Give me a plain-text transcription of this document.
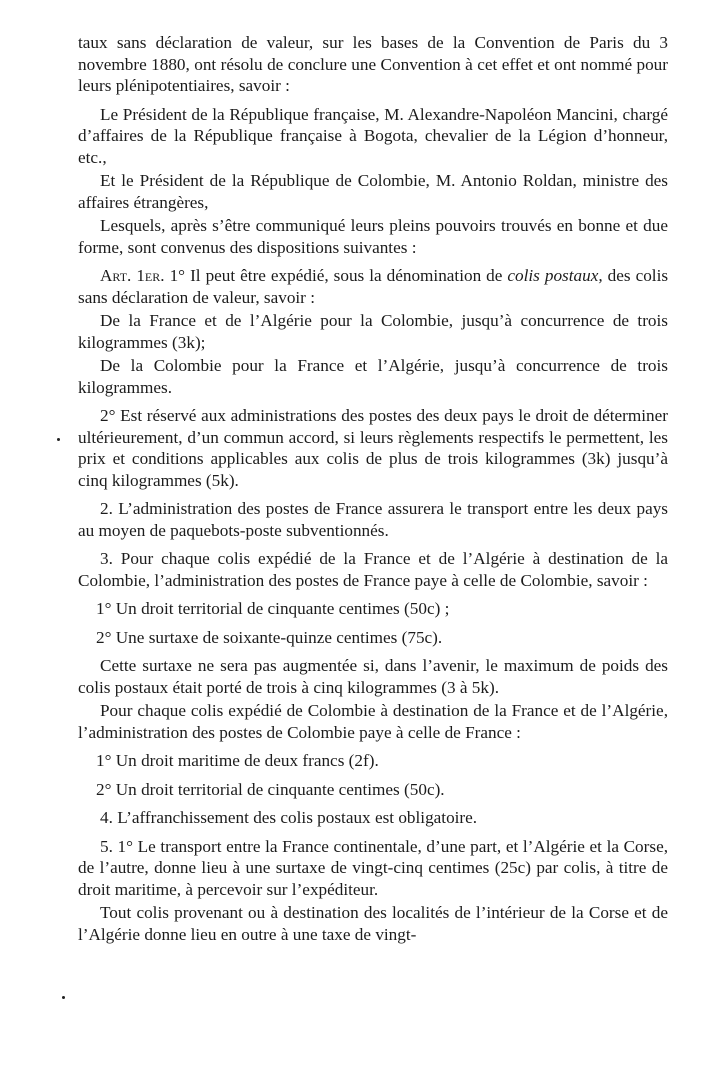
taux sans déclaration de valeur, sur les bases de la Convention de Paris du 3 novembre 1880, ont résolu de conclure une Convention à cet effet et ont nommé pour leurs plénipotentiaires, savoir :

Le Président de la République française, M. Alexandre-Napoléon Mancini, chargé d’affaires de la République française à Bogota, chevalier de la Légion d’honneur, etc.,

Et le Président de la République de Colombie, M. Antonio Roldan, ministre des affaires étrangères,

Lesquels, après s’être communiqué leurs pleins pouvoirs trouvés en bonne et due forme, sont convenus des dispositions suivantes :

Art. 1er. 1° Il peut être expédié, sous la dénomination de colis postaux, des colis sans déclaration de valeur, savoir :

De la France et de l’Algérie pour la Colombie, jusqu’à concurrence de trois kilogrammes (3k);

De la Colombie pour la France et l’Algérie, jusqu’à concurrence de trois kilogrammes.

2° Est réservé aux administrations des postes des deux pays le droit de déterminer ultérieurement, d’un commun accord, si leurs règlements respectifs le permettent, les prix et conditions applicables aux colis de plus de trois kilogrammes (3k) jusqu’à cinq kilogrammes (5k).

2. L’administration des postes de France assurera le transport entre les deux pays au moyen de paquebots-poste subventionnés.

3. Pour chaque colis expédié de la France et de l’Algérie à destination de la Colombie, l’administration des postes de France paye à celle de Colombie, savoir :

1° Un droit territorial de cinquante centimes (50c) ;

2° Une surtaxe de soixante-quinze centimes (75c).

Cette surtaxe ne sera pas augmentée si, dans l’avenir, le maximum de poids des colis postaux était porté de trois à cinq kilogrammes (3 à 5k).

Pour chaque colis expédié de Colombie à destination de la France et de l’Algérie, l’administration des postes de Colombie paye à celle de France :

1° Un droit maritime de deux francs (2f).

2° Un droit territorial de cinquante centimes (50c).

4. L’affranchissement des colis postaux est obligatoire.

5. 1° Le transport entre la France continentale, d’une part, et l’Algérie et la Corse, de l’autre, donne lieu à une surtaxe de vingt-cinq centimes (25c) par colis, à titre de droit maritime, à percevoir sur l’expéditeur.

Tout colis provenant ou à destination des localités de l’intérieur de la Corse et de l’Algérie donne lieu en outre à une taxe de vingt-
